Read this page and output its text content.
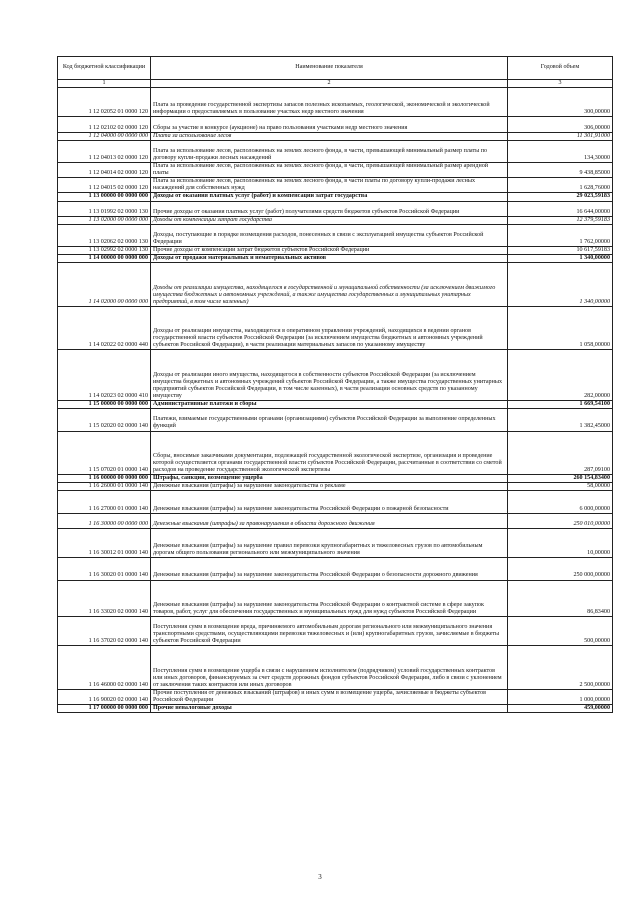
Код бюджетной классификации	Наименование показателя	Годовой объем
1	2	3
1 12 02052 01 0000 120	Плата за проведение государственной экспертизы запасов полезных ископаемых, геологической, экономической и экологической информации о предоставляемых в пользование участках недр местного значения	300,00000
1 12 02102 02 0000 120	Сборы за участие в конкурсе (аукционе) на право пользования участками недр местного значения	306,00000
1 12 04000 00 0000 000	Плата за использование лесов	11 301,91000
1 12 04013 02 0000 120	Плата за использование лесов, расположенных на землях лесного фонда, в части, превышающей минимальный размер платы по договору купли-продажи лесных насаждений	134,30000
1 12 04014 02 0000 120	Плата за использование лесов, расположенных на землях лесного фонда, в части, превышающей минимальный размер арендной платы	9 438,85000
1 12 04015 02 0000 120	Плата за использование лесов, расположенных на землях лесного фонда, в части платы по договору купли-продажи лесных насаждений для собственных нужд	1 628,76000
1 13 00000 00 0000 000	Доходы от оказания платных услуг (работ) и компенсации затрат государства	29 023,59183
1 13 01992 02 0000 130	Прочие доходы от оказания платных услуг (работ) получателями средств бюджетов субъектов Российской Федерации	16 644,00000
1 13 02000 00 0000 000	Доходы от компенсации затрат государства	12 379,59183
1 13 02062 02 0000 130	Доходы, поступающие в порядке возмещения расходов, понесенных в связи с эксплуатацией имущества субъектов Российской Федерации	1 762,00000
1 13 02992 02 0000 130	Прочие доходы от компенсации затрат бюджетов субъектов Российской Федерации	10 617,59183
1 14 00000 00 0000 000	Доходы от продажи материальных и нематериальных активов	1 340,00000
1 14 02000 00 0000 000	Доходы от реализации имущества, находящегося в государственной и муниципальной собственности (за исключением движимого имущества бюджетных и автономных учреждений, а также имущества государственных и муниципальных унитарных предприятий, в том числе казенных)	1 340,00000
1 14 02022 02 0000 440	Доходы от реализации имущества, находящегося в оперативном управлении учреждений, находящихся в ведении органов государственной власти субъектов Российской Федерации (за исключением имущества бюджетных и автономных учреждений субъектов Российской Федерации), в части реализации материальных запасов по указанному имуществу	1 058,00000
1 14 02023 02 0000 410	Доходы от реализации иного имущества, находящегося в собственности субъектов Российской Федерации (за исключением имущества бюджетных и автономных учреждений субъектов Российской Федерации, а также имущества государственных унитарных предприятий субъектов Российской Федерации, в том числе казенных), в части реализации основных средств по указанному имуществу	282,00000
1 15 00000 00 0000 000	Административные платежи и сборы	1 669,54100
1 15 02020 02 0000 140	Платежи, взимаемые государственными органами (организациями) субъектов Российской Федерации за выполнение определенных функций	1 382,45000
1 15 07020 01 0000 140	Сборы, вносимые заказчиками документации, подлежащей государственной экологической экспертизе, организация и проведение которой осуществляется органами государственной власти субъектов Российской Федерации, рассчитанные в соответствии со сметой расходов на проведение государственной экологической экспертизы	287,09100
1 16 00000 00 0000 000	Штрафы, санкции, возмещение ущерба	260 154,83400
1 16 26000 01 0000 140	Денежные взыскания (штрафы) за нарушение законодательства о рекламе	58,00000
1 16 27000 01 0000 140	Денежные взыскания (штрафы) за нарушение законодательства Российской Федерации о пожарной безопасности	6 000,00000
1 16 30000 00 0000 000	Денежные взыскания (штрафы) за правонарушения в области дорожного движения	250 010,00000
1 16 30012 01 0000 140	Денежные взыскания (штрафы) за нарушение правил перевозки крупногабаритных и тяжеловесных грузов по автомобильным дорогам общего пользования регионального или межмуниципального значения	10,00000
1 16 30020 01 0000 140	Денежные взыскания (штрафы) за нарушение законодательства Российской Федерации о безопасности дорожного движения	250 000,00000
1 16 33020 02 0000 140	Денежные взыскания (штрафы) за нарушение законодательства Российской Федерации о контрактной системе в сфере закупок товаров, работ, услуг для обеспечения государственных и муниципальных нужд для нужд субъектов Российской Федерации	86,83400
1 16 37020 02 0000 140	Поступления сумм в возмещение вреда, причиняемого автомобильным дорогам регионального или межмуниципального значения транспортными средствами, осуществляющими перевозки тяжеловесных и (или) крупногабаритных грузов, зачисляемые в бюджеты субъектов Российской Федерации	500,00000
1 16 46000 02 0000 140	Поступления сумм в возмещение ущерба в связи с нарушением исполнителем (подрядчиком) условий государственных контрактов или иных договоров, финансируемых за счет средств дорожных фондов субъектов Российской Федерации, либо в связи с уклонением от заключения таких контрактов или иных договоров	2 500,00000
1 16 90020 02 0000 140	Прочие поступления от денежных взысканий (штрафов) и иных сумм в возмещение ущерба, зачисляемые в бюджеты субъектов Российской Федерации	1 000,00000
1 17 00000 00 0000 000	Прочие неналоговые доходы	459,00000
3
